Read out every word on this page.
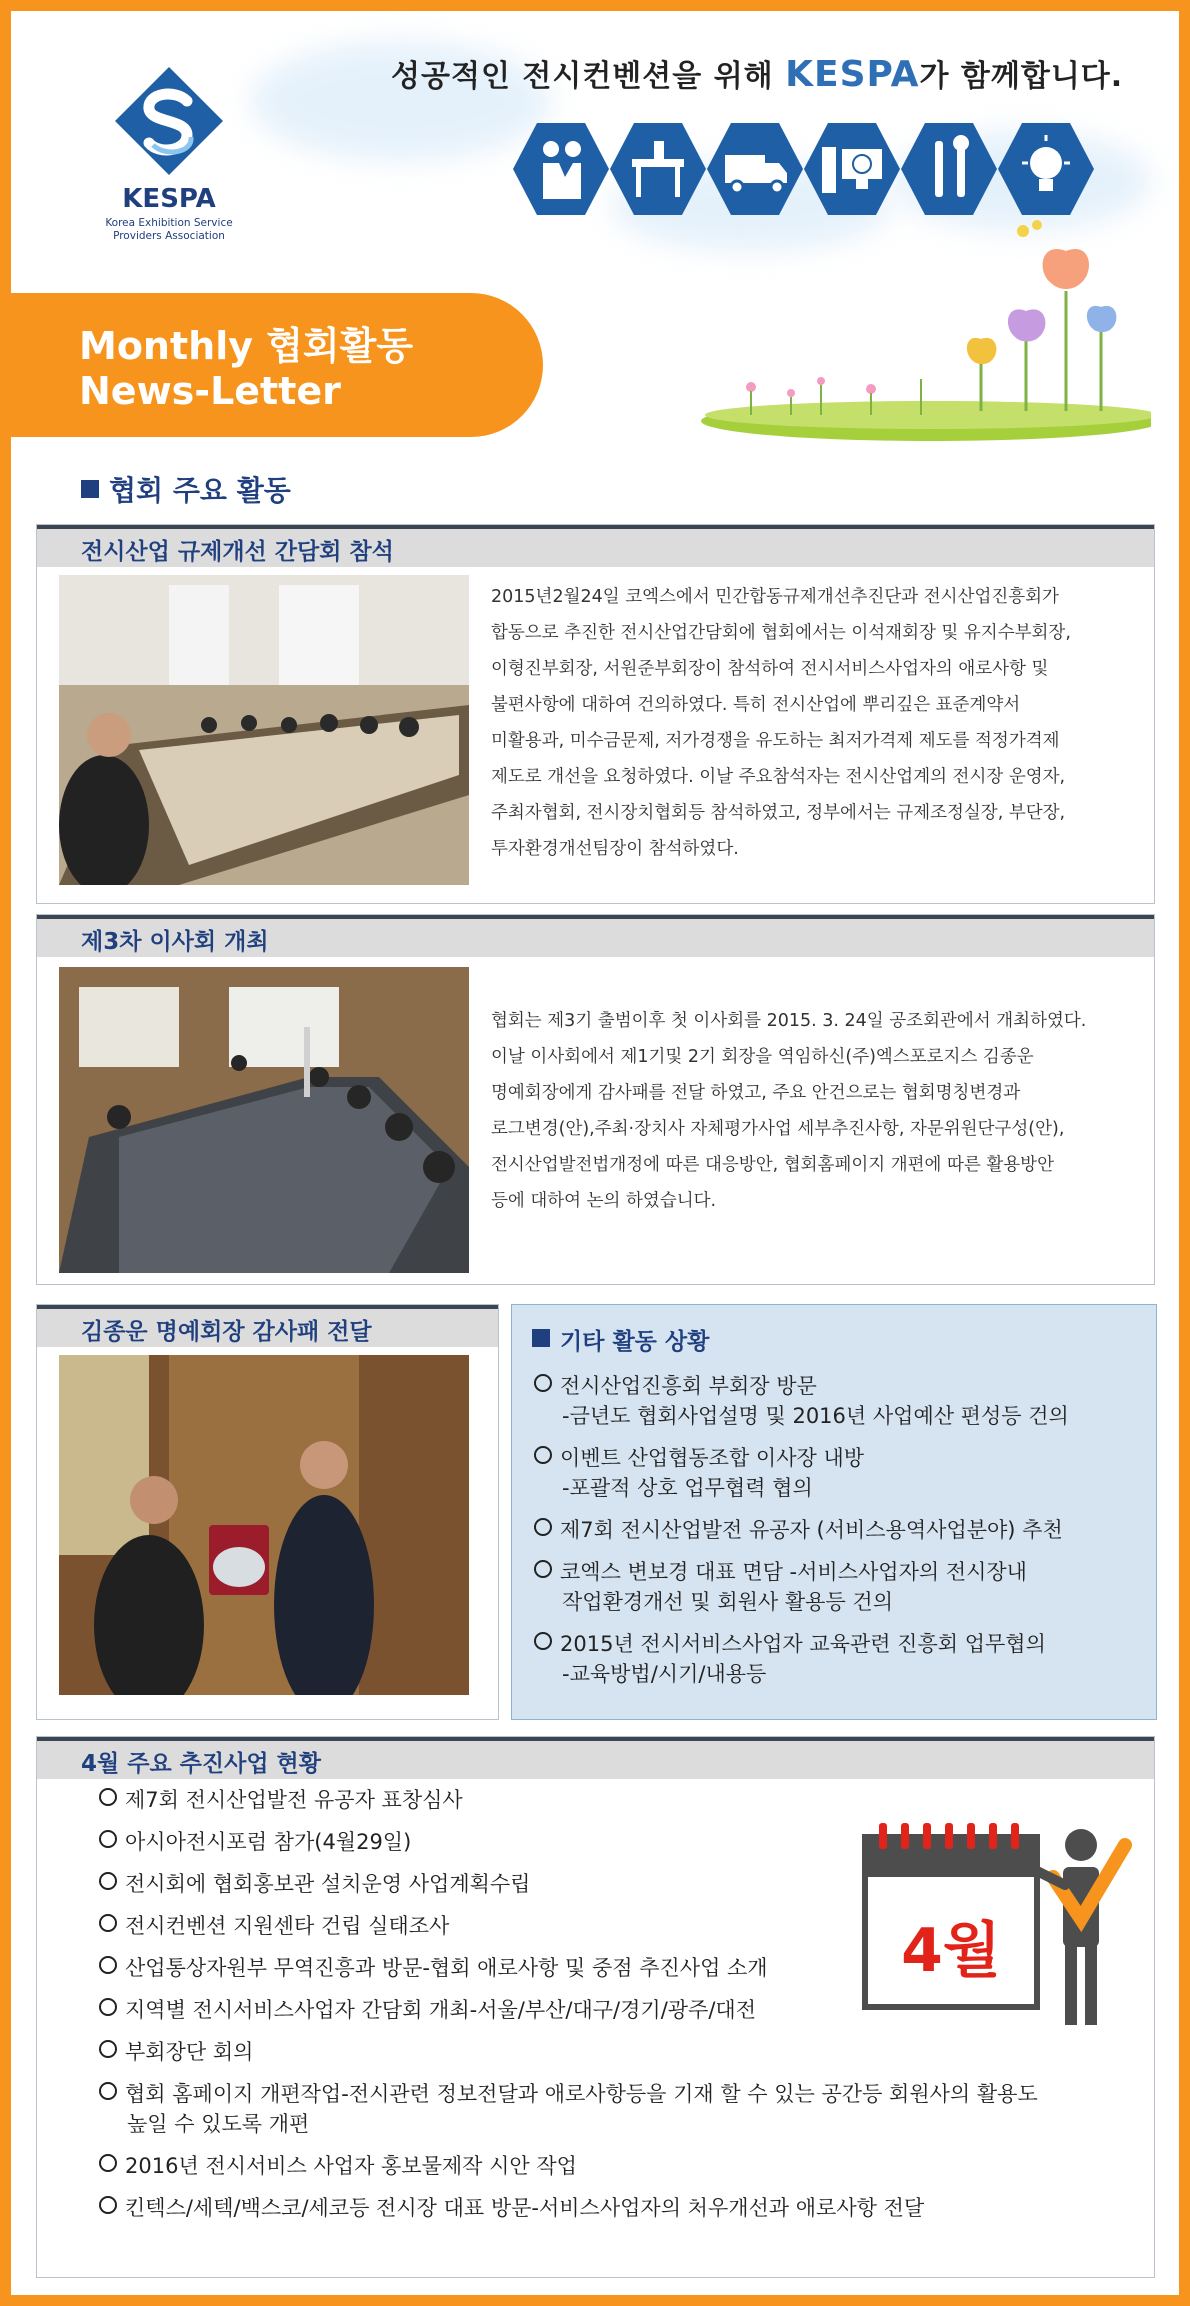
KESPA
Korea Exhibition Service
Providers Association
성공적인 전시컨벤션을 위해 KESPA가 함께합니다.
Monthly 협회활동
News-Letter
협회 주요 활동
전시산업 규제개선 간담회 참석
2015년2월24일 코엑스에서 민간합동규제개선추진단과 전시산업진흥회가
합동으로 추진한 전시산업간담회에 협회에서는 이석재회장 및 유지수부회장,
이형진부회장, 서원준부회장이 참석하여 전시서비스사업자의 애로사항 및
불편사항에 대하여 건의하였다. 특히 전시산업에 뿌리깊은 표준계약서
미활용과, 미수금문제, 저가경쟁을 유도하는 최저가격제 제도를 적정가격제
제도로 개선을 요청하였다. 이날 주요참석자는 전시산업계의 전시장 운영자,
주최자협회, 전시장치협회등 참석하였고, 정부에서는 규제조정실장, 부단장,
투자환경개선팀장이 참석하였다.
제3차 이사회 개최
협회는 제3기 출범이후 첫 이사회를 2015. 3. 24일 공조회관에서 개최하였다.
이날 이사회에서 제1기및 2기 회장을 역임하신(주)엑스포로지스 김종운
명예회장에게 감사패를 전달 하였고, 주요 안건으로는 협회명칭변경과
로그변경(안),주최·장치사 자체평가사업 세부추진사항, 자문위원단구성(안),
전시산업발전법개정에 따른 대응방안, 협회홈페이지 개편에 따른 활용방안
등에 대하여 논의 하였습니다.
김종운 명예회장 감사패 전달	기타 활동 상황
전시산업진흥회 부회장 방문
-금년도 협회사업설명 및 2016년 사업예산 편성등 건의
이벤트 산업협동조합 이사장 내방
-포괄적 상호 업무협력 협의
제7회 전시산업발전 유공자 (서비스용역사업분야) 추천
코엑스 변보경 대표 면담 -서비스사업자의 전시장내
작업환경개선 및 회원사 활용등 건의
2015년 전시서비스사업자 교육관련 진흥회 업무협의
-교육방법/시기/내용등
4월 주요 추진사업 현황
제7회 전시산업발전 유공자 표창심사
아시아전시포럼 참가(4월29일)
전시회에 협회홍보관 설치운영 사업계획수립
전시컨벤션 지원센타 건립 실태조사
산업통상자원부 무역진흥과 방문-협회 애로사항 및 중점 추진사업 소개
지역별 전시서비스사업자 간담회 개최-서울/부산/대구/경기/광주/대전
부회장단 회의
협회 홈페이지 개편작업-전시관련 정보전달과 애로사항등을 기재 할 수 있는 공간등 회원사의 활용도
높일 수 있도록 개편
2016년 전시서비스 사업자 홍보물제작 시안 작업
킨텍스/세텍/백스코/세코등 전시장 대표 방문-서비스사업자의 처우개선과 애로사항 전달
4월
